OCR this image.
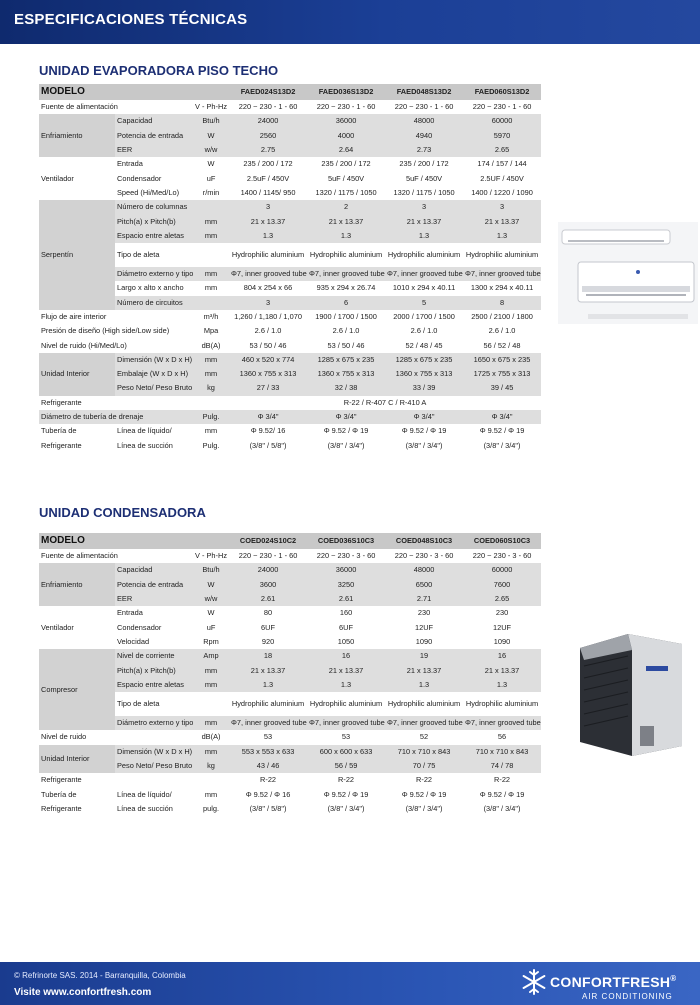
ESPECIFICACIONES TÉCNICAS
UNIDAD EVAPORADORA PISO TECHO
MODELO			FAED024S13D2	FAED036S13D2	FAED048S13D2	FAED060S13D2
Fuente de alimentación		V - Ph-Hz	220 ~ 230 - 1 - 60	220 ~ 230 - 1 - 60	220 ~ 230 - 1 - 60	220 ~ 230 - 1 - 60
Enfriamiento	Capacidad	Btu/h	24000	36000	48000	60000
	Potencia de entrada	W	2560	4000	4940	5970
	EER	w/w	2.75	2.64	2.73	2.65
Ventilador	Entrada	W	235 / 200 / 172	235 / 200 / 172	235 / 200 / 172	174 / 157 / 144
	Condensador	uF	2.5uF / 450V	5uF / 450V	5uF / 450V	2.5UF / 450V
	Speed (Hi/Med/Lo)	r/min	1400 / 1145/ 950	1320 / 1175 / 1050	1320 / 1175 / 1050	1400 / 1220 / 1090
Serpentín	Número de columnas		3	2	3	3
	Pitch(a) x Pitch(b)	mm	21 x 13.37	21 x 13.37	21 x 13.37	21 x 13.37
	Espacio entre aletas	mm	1.3	1.3	1.3	1.3
	Tipo de aleta		Hydrophilic aluminium	Hydrophilic aluminium	Hydrophilic aluminium	Hydrophilic aluminium
	Diámetro externo y tipo	mm	Φ7, inner grooved tube	Φ7, inner grooved tube	Φ7, inner grooved tube	Φ7, inner grooved tube
	Largo x alto x ancho	mm	804 x 254 x 66	935 x 294 x 26.74	1010 x 294 x 40.11	1300 x 294 x 40.11
	Número de circuitos		3	6	5	8
Flujo de aire interior		m³/h	1,260 / 1,180 / 1,070	1900 / 1700 / 1500	2000 / 1700 / 1500	2500 / 2100 / 1800
Presión de diseño (High side/Low side)		Mpa	2.6 / 1.0	2.6 / 1.0	2.6 / 1.0	2.6 / 1.0
Nivel de ruido (Hi/Med/Lo)		dB(A)	53 / 50 / 46	53 / 50 / 46	52 / 48 / 45	56 / 52 / 48
Unidad Interior	Dimensión (W x D x H)	mm	460 x 520 x 774	1285 x 675 x 235	1285 x 675 x 235	1650 x 675 x 235
	Embalaje (W x D x H)	mm	1360 x 755 x 313	1360 x 755 x 313	1360 x 755 x 313	1725 x 755 x 313
	Peso Neto/ Peso Bruto	kg	27 / 33	32 / 38	33 / 39	39 / 45
Refrigerante			R-22 / R-407 C / R-410 A			
Diámetro de tubería de drenaje		Pulg.	Φ 3/4"	Φ 3/4"	Φ 3/4"	Φ 3/4"
Tubería de	Línea de líquido/	mm	Φ 9.52/ 16	Φ 9.52 / Φ 19	Φ 9.52 / Φ 19	Φ 9.52 / Φ 19
Refrigerante	Línea de succión	Pulg.	(3/8" / 5/8")	(3/8" / 3/4")	(3/8" / 3/4")	(3/8" / 3/4")
UNIDAD CONDENSADORA
MODELO			COED024S10C2	COED036S10C3	COED048S10C3	COED060S10C3
Fuente de alimentación		V - Ph-Hz	220 ~ 230 - 1 - 60	220 ~ 230 - 3 - 60	220 ~ 230 - 3 - 60	220 ~ 230 - 3 - 60
Enfriamiento	Capacidad	Btu/h	24000	36000	48000	60000
	Potencia de entrada	W	3600	3250	6500	7600
	EER	w/w	2.61	2.61	2.71	2.65
Ventilador	Entrada	W	80	160	230	230
	Condensador	uF	6UF	6UF	12UF	12UF
	Velocidad	Rpm	920	1050	1090	1090
Compresor	Nivel de corriente	Amp	18	16	19	16
	Pitch(a) x Pitch(b)	mm	21 x 13.37	21 x 13.37	21 x 13.37	21 x 13.37
	Espacio entre aletas	mm	1.3	1.3	1.3	1.3
	Tipo de aleta		Hydrophilic aluminium	Hydrophilic aluminium	Hydrophilic aluminium	Hydrophilic aluminium
	Diámetro externo y tipo	mm	Φ7, inner grooved tube	Φ7, inner grooved tube	Φ7, inner grooved tube	Φ7, inner grooved tube
Nivel de ruido		dB(A)	53	53	52	56
Unidad Interior	Dimensión (W x D x H)	mm	553 x 553 x 633	600 x 600 x 633	710 x 710 x 843	710 x 710 x 843
	Peso Neto/ Peso Bruto	kg	43 / 46	56 / 59	70 / 75	74 / 78
Refrigerante			R-22	R-22	R-22	R-22
Tubería de	Línea de líquido/	mm	Φ 9.52 / Φ 16	Φ 9.52 / Φ 19	Φ 9.52 / Φ 19	Φ 9.52 / Φ 19
Refrigerante	Línea de succión	pulg.	(3/8" / 5/8")	(3/8" / 3/4")	(3/8" / 3/4")	(3/8" / 3/4")
© Refrinorte SAS. 2014 - Barranquilla, Colombia
Visite www.confortfresh.com
CONFORTFRESH®
AIR CONDITIONING
